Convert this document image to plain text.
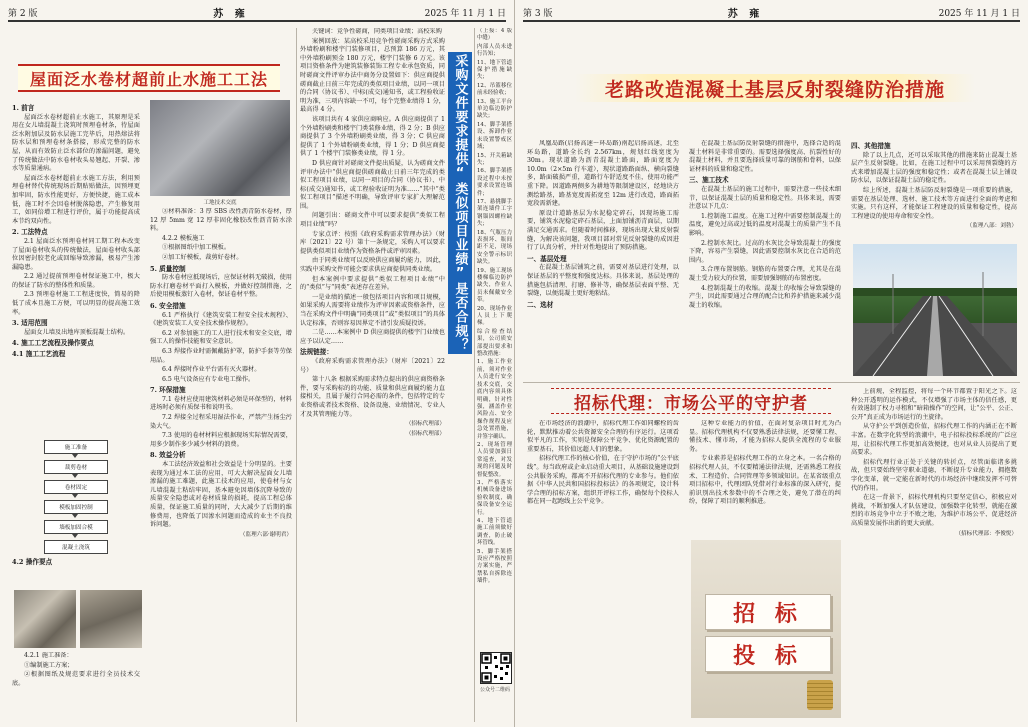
第 2 版	苏 雍	2025 年 11 月 1 日
屋面泛水卷材超前止水施工工法
1. 前言

屋面泛水卷材超前止水施工，其原理是采用在女儿墙混凝土浇筑时预埋卷材条，待屋面泛水附加层及防水层施工完毕后，用热熔法将防水层和预埋卷材条搭接，形成完整的防水屋，从而有效防止泛水部位的渗漏问题，避免了传统做法中防水卷材收头易翘起、开裂、渗水等质量通病。

屋面泛水卷材超前止水施工方法，利用预埋卷材替代传统现场后期贴贴做法，因预埋更加牢固，防水性能更好，方便快捷，施工成本低，施工时不会因卷材脱落隐患，产生修复用工，如同倍增工程进行评价，属于功能提高成本节约双向性。

2. 工法特点

2.1 屋面泛水预埋卷材同工期工程本改变了屋面卷材收头的传统做法，屋面卷材收头部位因密封胶老化或回缩导致渗漏，极易产生渗漏隐患。

2.2 通过提前预埋卷材保证施工中，极大的保证了防水的整体性和质量。

2.3 预埋卷材施工工程进度快，简易的降低了成本且施工方便，可以明显的提高施工效率。

3. 适用范围

屋面女儿墙及出地库顶板混凝土结构。

4. 施工工艺流程及操作要点
4.1 施工工艺流程
施工准备
裁剪卷材
卷材固定
模板加固控制
墙板加固合模
混凝土浇筑
4.2 操作要点

4.2.1 施工准备：

①编制施工方案；

②根据图纸及规范要求进行全员技术交底。

工地技术交底

③材料准备：3 厚 SBS 改性沥青防水卷材，厚 12 厚 5mm 宽 12 厚非固化橡胶改性沥青防水涂料。

4.2.2 模板施工

①根据图纸中加工模板。

②加工好模板，裁剪好卷材。

5. 质量控制

防水卷材应抵现场后，应保证材料无破损，使用防水打磨卷材平面打入模板，并做好控制措施，之后使用模板蒸钉入卷材，保证卷材平整。

6. 安全措施

6.1 严格执行《建筑安装工程安全技术规程》、《建筑安装工人安全技术操作规程》。

6.2 对参加施工的工人进行技术和安全交底，增强工人的操作技能和安全意识。

6.3 焊接作业时需佩戴防护罩，防护手套等劳保用品。

6.4 焊接时作业平台需有灭火器材。

6.5 电气设备应有专业电工操作。

7. 环保措施

7.1 卷材应使用建筑材料必须是环保型的，材料进场时必须有质保书和说明书。

7.2 焊接全过程采用湿法作业，严禁产生扬尘污染大气。

7.3 使用的卷材材料应根据现场实际情况需要，用多少制作多少减少材料的浪费。

8. 效益分析

本工法经济效益和社会效益是十分明显的。主要表现为通过本工法的应用，可大大解决屋面女儿墙渗漏的施工难题，此施工技术的应用，使卷材与女儿墙混凝土粘结牢固，基本避免因墙体沉降导致的质量安全隐患或对卷材质量的损耗，提高工程总体质量，保证施工质量的同时，大大减少了后期的维修费用，也降低了因渗水问题而造成的业主不良投诉问题。

（监理六部·谢明君）

关键词：竞争性磋商，同类项目业绩；高校采购

案例回放：某高校采用竞争性磋商采购方式采购外墙粉刷和楼宇门装修项目，总预算 186 万元，其中外墙粉刷预金 180 万元，楼宇门装修 6 万元。该项目资格条件为建筑装修装饰工程专业承包资质，同时磋商文件评审办法中商务分设置如下：供应商提供磋商截止日前三年完成的类似项目业绩，以同一项目的合同（协议书）、中标(成交)通知书，或工程验收证明为准，三项内容缺一不可，每个完整业绩得 1 分，最高得 4 分。

该项目共有 4 家供应商响应。A 供应商提供了 1 个外墙粉刷类和楼宇门类装修业绩，得 2 分；B 供应商提供了 3 个外墙粉刷类业绩，得 3 分；C 供应商提供了 1 个外墙粉刷类业绩，得 1 分；D 供应商提供了 1 个楼宇门装修类业绩，得 1 分。

D 供应商针对磋商文件提出质疑，认为磋商文件评审办法中“供应商提供磋商截止日前三年完成的类似工程项目业绩，以同一项目的合同（协议书）、中标(成交)通知书，或工程验收证明为准……”其中“类似工程项目”描述不明确，导致评审专家扩大理解范围。

问题引出：磋商文件中可以要求提供“类似工程项目业绩”吗？

专家点评：按照《政府采购需求管理办法》（财库〔2021〕22 号）第十一条规定，采购人可以要求提供类似项目业绩作为资格条件或评审因素。

由于同类业绩可以反映供应商履约能力，因此，实践中采购文件可能会要求供应商提供同类业绩。

但本案例中要求提供“类似工程项目业绩”中的“类似”与“同类”表述存在差异。

一是业绩的描述一般包括项目内容和项目规模，如果采购人需要将业绩作为评审因素或资格条件，应当在采购文件中明确“同类项目”或“类似项目”的具体认定标准，否则容易因界定不清引发质疑投诉。

二是……本案例中 D 供应商提供的楼宇门业绩也应予以认定……

法规链接：

《政府采购需求管理办法》（财库〔2021〕22 号）

第十八条 根据采购需求特点提出的供应商资格条件，要与采购标的的功能、质量和供应商履约能力直接相关，且属于履行合同必需的条件，包括特定的专业资格或者技术资格、设备设施、业绩情况、专业人才及其管理能力等。

（招标代理部）
（招标代理部）
采购文件要求提供“类似项目业绩”是否合规？

（上接：4 版中缝）

内部人员未进行告知；

11、地下管道保护措施缺失；

12、吊篮移位前未经验收；

13、施工平台单边临边防护缺失；

14、脚手架搭设、拆卸作业未设置警戒区域；

15、开关箱缺失；

16、脚手架搭设过程中未按要求设置连墙件；

17、悬挑脚手架连墙件工字钢锚固螺栓缺失；

18、气瓶压力表损坏、瓶间距不足，现场安全警示标识缺失。

19、施工现场楼梯临边防护缺失，作业人员未佩戴安全带。

20、现场作业人员上下爬梯。

综合检查结果，公司质安部提出要求和整改措施：

1、施工作业前，须对作业人员进行安全技术交底，交底内容须具体明确，针对性强，涵盖作业风险点、安全操作规程及应急处置措施，并签字确认。

2、现场管理人员要加强日常巡查，对发现的问题及时督促整改。

3、严格落实机械设备进场验收制度，确保设备安全运行。

4、地下管道施工前须做好调查，防止破坏管线。

5、脚手架搭设应严格按照方案实施，严禁私自拆除连墙件。

公众号二维码
第 3 版	苏 雍	2025 年 11 月 1 日
老路改造混凝土基层反射裂缝防治措施

凤凰岛路(启扬高速～环岛路)南起启扬高速，北至环岛路，道路全长约 2.567km，规划红线宽度为 30m。现状道路为沥青混凝土路面，路面宽度为 10.0m（2×5m 行车道），现状道路路面纵、横向裂缝多，路面破损严重，道路行车舒适度不佳，使用功能严重下降。因道路两侧多为耕地等限制建设区，经地块方测绘路基，路基宽度需拓宽至 12m 进行改造，路面拓宽段需新建。

原设计道路基层为水泥稳定碎石，因现场施工需要，铺筑水泥稳定碎石基层，上面加铺沥青面层，以期满足交通需求。但随着时间推移，现场出现大量反射裂缝，为解决该问题，我项目部对常见反射裂缝的成因进行了认真分析，并针对性地提出了预防措施。

一、基层处理

在混凝土基层铺筑之前，需要对基层进行处理，以保证基层的平整度和强度达标。具体来说，基层处理的措施包括清理、打磨、修补等，确保基层表面平整、无裂缝，以便混凝土更好地粘结。

二、选材

在混凝土基层防反射裂缝的措施中，选择合适的混凝土材料是非常重要的。需要选择强度高、抗裂性好的混凝土材料，并且要选择质量可靠的钢筋和骨料，以保证材料的质量和稳定性。

三、施工技术

在混凝土基层的施工过程中，需要注意一些技术细节，以保证混凝土层的质量和稳定性。具体来说，需要注意以下几点：

1.控制施工温度。在施工过程中需要控制混凝土的温度，避免过高或过低的温度对混凝土的质量产生不良影响。

2.控制水灰比。过高的水灰比会导致混凝土的强度下降，容易产生裂缝，因此需要控制水灰比在合适的范围内。

3.合理布置钢筋。钢筋的布置要合理，尤其是在混凝土受力较大的位置，需要加强钢筋的布置密度。

4.控制混凝土的收缩。混凝土的收缩会导致裂缝的产生，因此需要通过合理的配合比和养护措施来减少混凝土的收缩。

四、其他措施

除了以上几点，还可以采取其他的措施来防止混凝土基层产生反射裂缝。比如，在施工过程中可以采用预裂缝的方式来增加混凝土层的强度和稳定性；或者在混凝土层上铺设防水层，以保证混凝土层的稳定性。

综上所述，混凝土基层防反射裂缝是一项重要的措施，需要在基层处理、选材、施工技术等方面进行全面的考虑和实施。只有这样，才能保证工程建设的质量和稳定性，提高工程建设的使用寿命和安全性。

（监理八部：刘勃）
招标代理：市场公平的守护者

在市场经济的浪潮中，招标代理工作如同螺栓的齿轮，默默推动着公共资源安全合理的有序运行。这项看似平凡的工作，实则是保障公平竞争、优化资源配置的重要基石，其价值远超人们的想象。

招标代理工作的核心价值，在于守护市场的“公平底线”。每当政府或企业启动重大项目，从基础设施建设到公共服务采购，都离不开招标代理的专业参与。他们依据《中华人民共和国招标投标法》的各项规定，设计科学合理的招标方案，组织开评标工作，确保每个投标人都在同一起跑线上公平竞争。

这种专业能力的价值，在面对复杂项目时尤为凸显。招标代理机构不仅要熟悉法律法规，还要懂工程、懂技术、懂市场，才能为招标人提供全流程的专业服务。

专业素养是招标代理工作的立身之本。一名合格的招标代理人员，不仅要精通法律法规，还需熟悉工程技术、工程造价、合同管理等多领域知识。在某省级重点项目招标中，代理团队凭借对行业标准的深入研究，提前识别出技术参数中的不合理之处，避免了潜在的纠纷，保障了项目的顺利推进。

招 标
投 标

上前规，全程监控，将每一个环节都置于阳光之下。这种公开透明的运作模式，不仅增强了市场主体的信任感，更有效遏制了权力寻租和“暗箱操作”的空间，让“公平、公正、公开”真正成为市场运行的主旋律。

从守护公平到创造价值，招标代理工作的内涵正在不断丰富。在数字化转型的浪潮中，电子招标投标系统的广泛应用，让招标代理工作更加高效便捷，也对从业人员提出了更高要求。

招标代理行业正处于关键的转折点，尽管面临诸多挑战，但只要始终坚守职业道德，不断提升专业能力，拥抱数字化变革，就一定能在新时代的市场经济中继续发挥不可替代的作用。

在这一背景下，招标代理机构只要坚定信心，积极应对挑战，不断加强人才队伍建设，加强数字化转型，就能在激烈的市场竞争中立于不败之地，为维护市场公平、促进经济高质量发展作出新的更大贡献。

（招标代理部：李俊悦）
